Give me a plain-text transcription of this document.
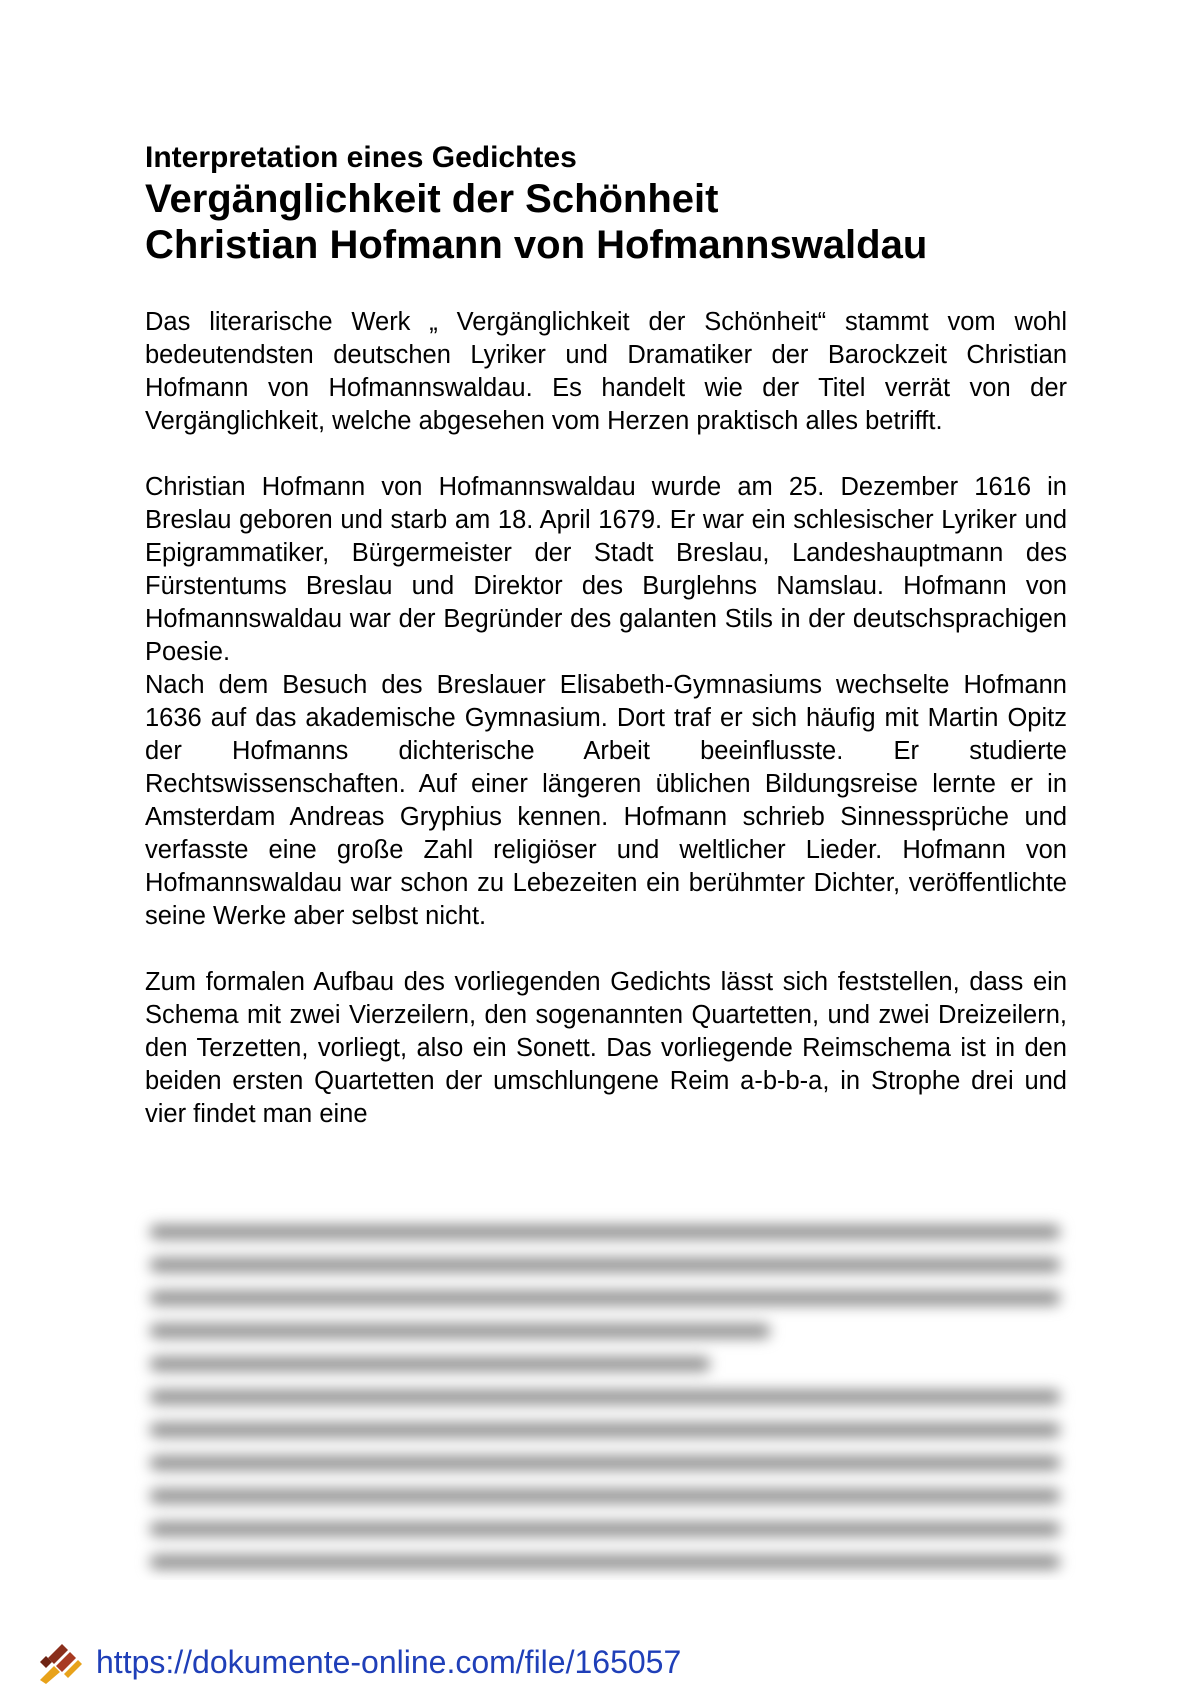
Interpretation eines Gedichtes
Vergänglichkeit der Schönheit
Christian Hofmann von Hofmannswaldau

Das literarische Werk „ Vergänglichkeit der Schönheit“ stammt vom wohl bedeutendsten deutschen Lyriker und Dramatiker der Barockzeit Christian Hofmann von Hofmannswaldau. Es handelt wie der Titel verrät von der Vergänglichkeit, welche abgesehen vom Herzen praktisch alles betrifft.

Christian Hofmann von Hofmannswaldau wurde am 25. Dezember 1616 in Breslau geboren und starb am 18. April 1679. Er war ein schlesischer Lyriker und Epigrammatiker, Bürgermeister der Stadt Breslau, Landeshauptmann des Fürstentums Breslau und Direktor des Burglehns Namslau. Hofmann von Hofmannswaldau war der Begründer des galanten Stils in der deutschsprachigen Poesie.

Nach dem Besuch des Breslauer Elisabeth-Gymnasiums wechselte Hofmann 1636 auf das akademische Gymnasium. Dort traf er sich häufig mit Martin Opitz der Hofmanns dichterische Arbeit beeinflusste. Er studierte Rechtswissenschaften. Auf einer längeren üblichen Bildungsreise lernte er in Amsterdam Andreas Gryphius kennen. Hofmann schrieb Sinnessprüche und verfasste eine große Zahl religiöser und weltlicher Lieder. Hofmann von Hofmannswaldau war schon zu Lebezeiten ein berühmter Dichter, veröffentlichte seine Werke aber selbst nicht.

Zum formalen Aufbau des vorliegenden Gedichts lässt sich feststellen, dass ein Schema mit zwei Vierzeilern, den sogenannten Quartetten, und zwei Dreizeilern, den Terzetten, vorliegt, also ein Sonett. Das vorliegende Reimschema ist in den beiden ersten Quartetten der umschlungene Reim a-b-b-a, in Strophe drei und vier findet man eine

https://dokumente-online.com/file/165057
